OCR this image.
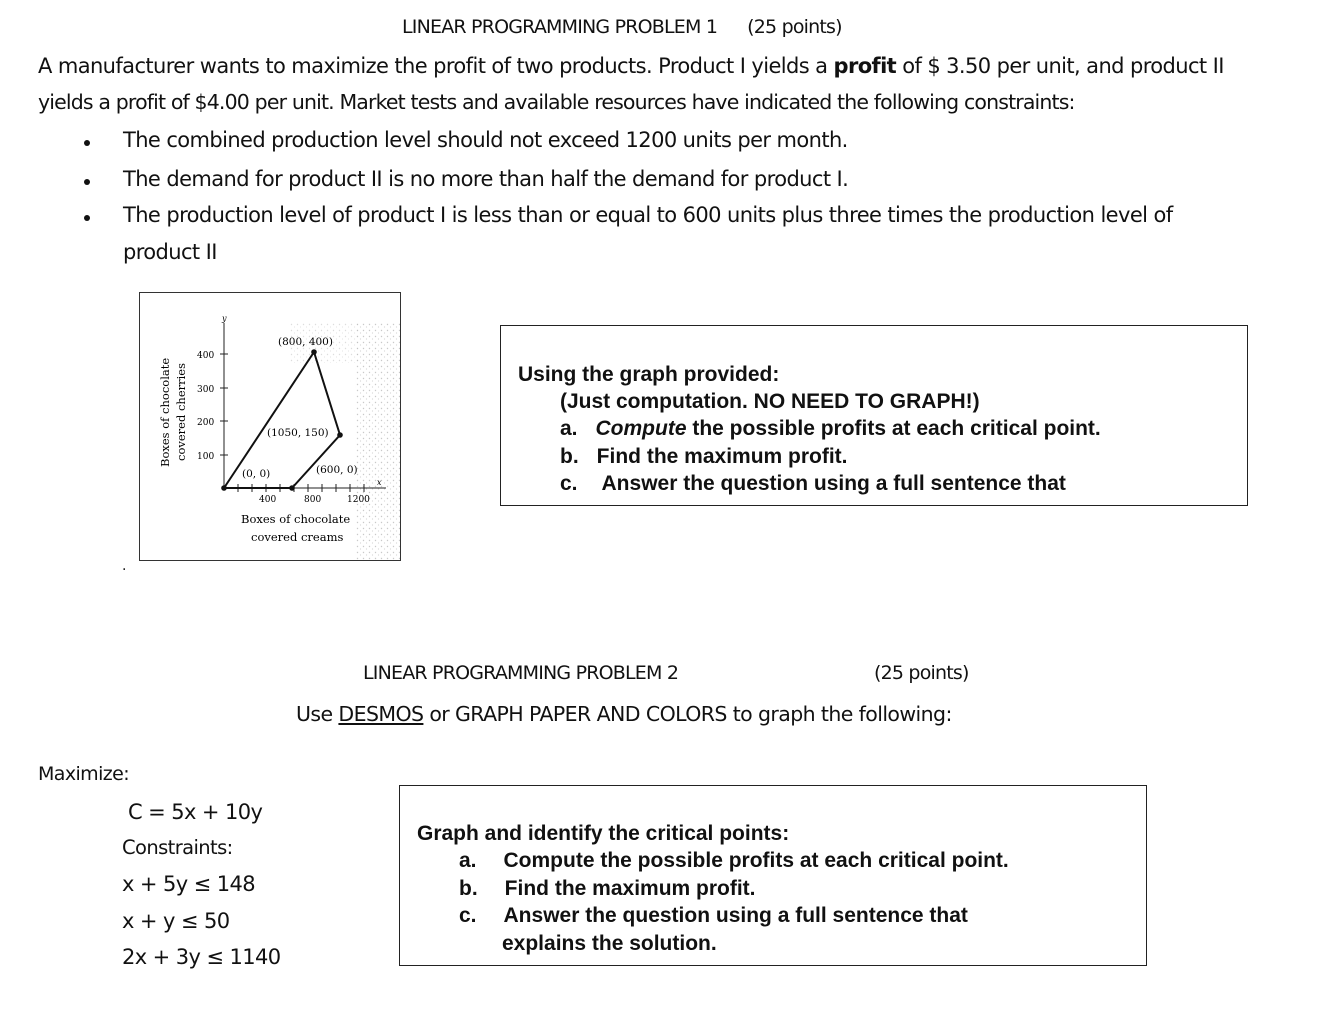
LINEAR PROGRAMMING PROBLEM 1 (25 points)
A manufacturer wants to maximize the profit of two products. Product I yields a profit of $ 3.50 per unit, and product II
yields a profit of $4.00 per unit. Market tests and available resources have indicated the following constraints:
The combined production level should not exceed 1200 units per month.
The demand for product II is no more than half the demand for product I.
The production level of product I is less than or equal to 600 units plus three times the production level of
product II
y
x
400
300
200
100
400	800	1200
(800, 400)
(1050, 150)
(0, 0)	(600, 0)
Boxes of chocolate covered cherries
Boxes of chocolate
covered creams
.
Using the graph provided:
(Just computation. NO NEED TO GRAPH!)
a. Compute the possible profits at each critical point.
b. Find the maximum profit.
c. Answer the question using a full sentence that
LINEAR PROGRAMMING PROBLEM 2	(25 points)
Use DESMOS or GRAPH PAPER AND COLORS to graph the following:
Maximize:
C = 5x + 10y
Constraints:
x + 5y ≤ 148
x + y ≤ 50
2x + 3y ≤ 1140
Graph and identify the critical points:
a. Compute the possible profits at each critical point.
b. Find the maximum profit.
c. Answer the question using a full sentence that
explains the solution.
